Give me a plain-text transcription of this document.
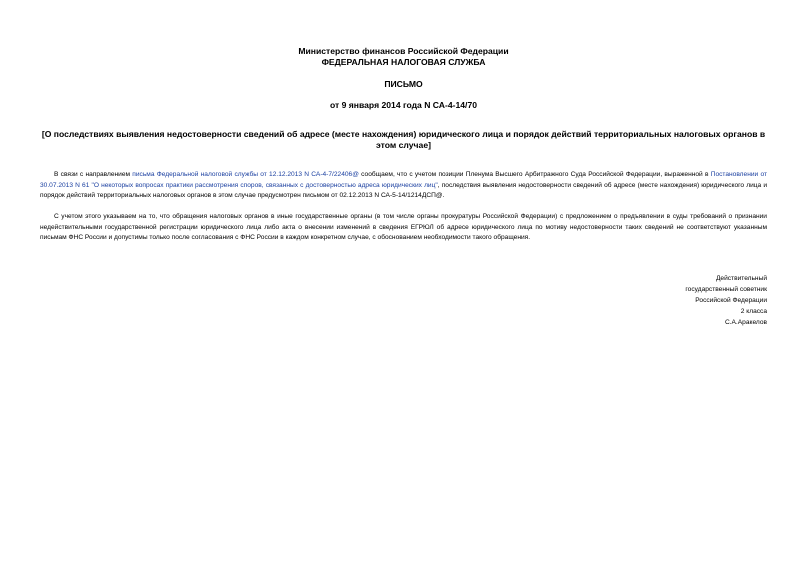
Министерство финансов Российской Федерации
ФЕДЕРАЛЬНАЯ НАЛОГОВАЯ СЛУЖБА
ПИСЬМО
от 9 января 2014 года N СА-4-14/70
[О последствиях выявления недостоверности сведений об адресе (месте нахождения) юридического лица и порядок действий территориальных налоговых органов в этом случае]
В связи с направлением письма Федеральной налоговой службы от 12.12.2013 N СА-4-7/22406@ сообщаем, что с учетом позиции Пленума Высшего Арбитражного Суда Российской Федерации, выраженной в Постановлении от 30.07.2013 N 61 "О некоторых вопросах практики рассмотрения споров, связанных с достоверностью адреса юридических лиц", последствия выявления недостоверности сведений об адресе (месте нахождения) юридического лица и порядок действий территориальных налоговых органов в этом случае предусмотрен письмом от 02.12.2013 N СА-5-14/1214ДСП@.
С учетом этого указываем на то, что обращения налоговых органов в иные государственные органы (в том числе органы прокуратуры Российской Федерации) с предложением о предъявлении в суды требований о признании недействительными государственной регистрации юридического лица либо акта о внесении изменений в сведения ЕГРЮЛ об адресе юридического лица по мотиву недостоверности таких сведений не соответствуют указанным письмам ФНС России и допустимы только после согласования с ФНС России в каждом конкретном случае, с обоснованием необходимости такого обращения.
Действительный
государственный советник
Российской Федерации
2 класса
С.А.Аракелов
